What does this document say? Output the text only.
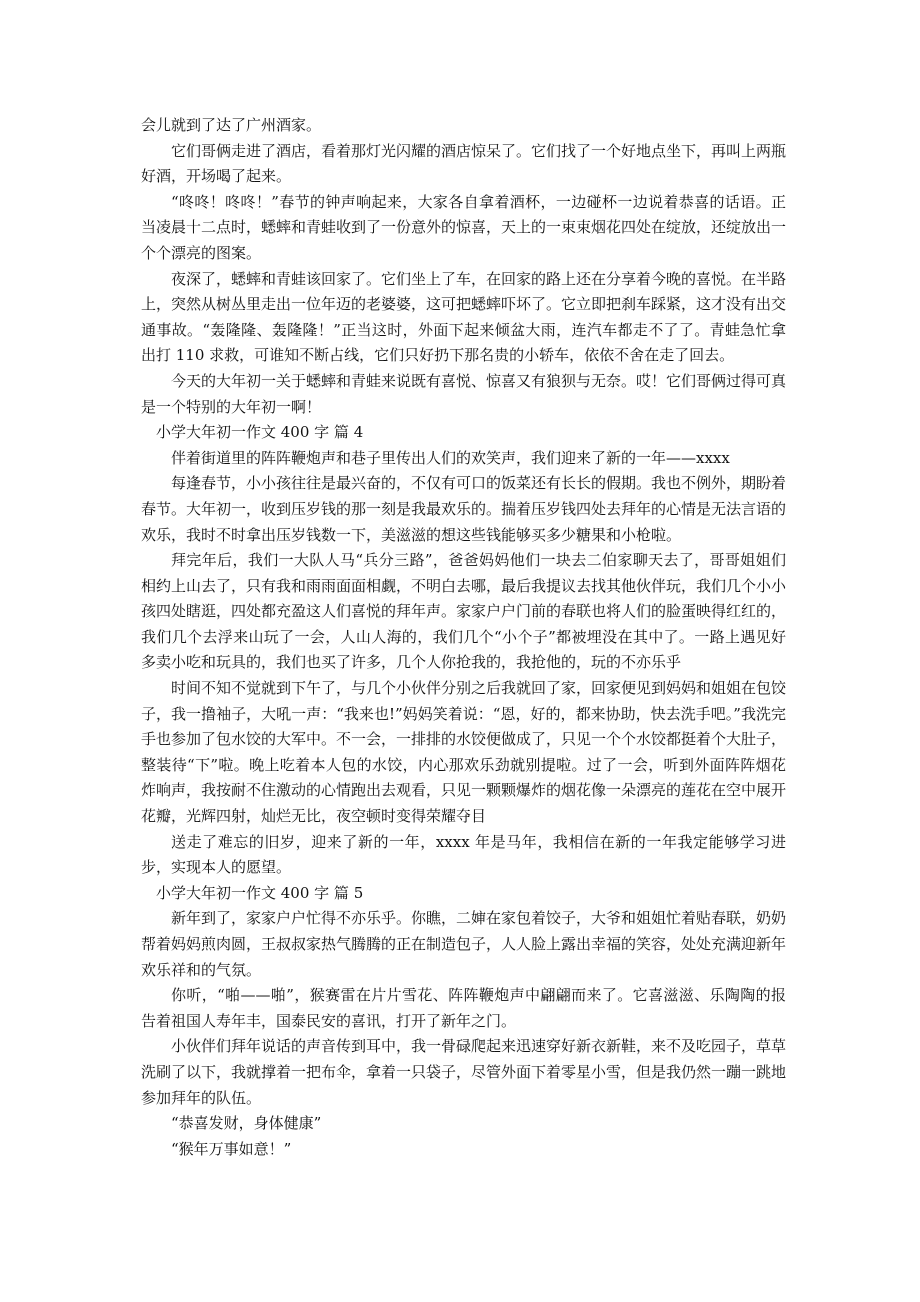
会儿就到了达了广州酒家。

它们哥俩走进了酒店，看着那灯光闪耀的酒店惊呆了。它们找了一个好地点坐下，再叫上两瓶好酒，开场喝了起来。

“咚咚！咚咚！”春节的钟声响起来，大家各自拿着酒杯，一边碰杯一边说着恭喜的话语。正当凌晨十二点时，蟋蟀和青蛙收到了一份意外的惊喜，天上的一束束烟花四处在绽放，还绽放出一个个漂亮的图案。

夜深了，蟋蟀和青蛙该回家了。它们坐上了车，在回家的路上还在分享着今晚的喜悦。在半路上，突然从树丛里走出一位年迈的老婆婆，这可把蟋蟀吓坏了。它立即把刹车踩紧，这才没有出交通事故。“轰隆隆、轰隆隆！”正当这时，外面下起来倾盆大雨，连汽车都走不了了。青蛙急忙拿出打 110 求救，可谁知不断占线，它们只好扔下那名贵的小轿车，依依不舍在走了回去。

今天的大年初一关于蟋蟀和青蛙来说既有喜悦、惊喜又有狼狈与无奈。哎！它们哥俩过得可真是一个特别的大年初一啊！

小学大年初一作文 400 字 篇 4

伴着街道里的阵阵鞭炮声和巷子里传出人们的欢笑声，我们迎来了新的一年——xxxx

每逢春节，小小孩往往是最兴奋的，不仅有可口的饭菜还有长长的假期。我也不例外，期盼着春节。大年初一，收到压岁钱的那一刻是我最欢乐的。揣着压岁钱四处去拜年的心情是无法言语的欢乐，我时不时拿出压岁钱数一下，美滋滋的想这些钱能够买多少糖果和小枪啦。

拜完年后，我们一大队人马“兵分三路”，爸爸妈妈他们一块去二伯家聊天去了，哥哥姐姐们相约上山去了，只有我和雨雨面面相觑，不明白去哪，最后我提议去找其他伙伴玩，我们几个小小孩四处瞎逛，四处都充盈这人们喜悦的拜年声。家家户户门前的春联也将人们的脸蛋映得红红的，我们几个去浮来山玩了一会，人山人海的，我们几个“小个子”都被埋没在其中了。一路上遇见好多卖小吃和玩具的，我们也买了许多，几个人你抢我的，我抢他的，玩的不亦乐乎

时间不知不觉就到下午了，与几个小伙伴分别之后我就回了家，回家便见到妈妈和姐姐在包饺子，我一撸袖子，大吼一声：“我来也!”妈妈笑着说：“恩，好的，都来协助，快去洗手吧。”我洗完手也参加了包水饺的大军中。不一会，一排排的水饺便做成了，只见一个个水饺都挺着个大肚子，整装待“下”啦。晚上吃着本人包的水饺，内心那欢乐劲就别提啦。过了一会，听到外面阵阵烟花炸响声，我按耐不住激动的心情跑出去观看，只见一颗颗爆炸的烟花像一朵漂亮的莲花在空中展开花瓣，光辉四射，灿烂无比，夜空顿时变得荣耀夺目

送走了难忘的旧岁，迎来了新的一年，xxxx 年是马年，我相信在新的一年我定能够学习进步，实现本人的愿望。

小学大年初一作文 400 字 篇 5

新年到了，家家户户忙得不亦乐乎。你瞧，二婶在家包着饺子，大爷和姐姐忙着贴春联，奶奶帮着妈妈煎肉圆，王叔叔家热气腾腾的正在制造包子，人人脸上露出幸福的笑容，处处充满迎新年欢乐祥和的气氛。

你听，“啪——啪”，猴赛雷在片片雪花、阵阵鞭炮声中翩翩而来了。它喜滋滋、乐陶陶的报告着祖国人寿年丰，国泰民安的喜讯，打开了新年之门。

小伙伴们拜年说话的声音传到耳中，我一骨碌爬起来迅速穿好新衣新鞋，来不及吃园子，草草洗刷了以下，我就撑着一把布伞，拿着一只袋子，尽管外面下着零星小雪，但是我仍然一蹦一跳地参加拜年的队伍。

“恭喜发财，身体健康”

“猴年万事如意！”
